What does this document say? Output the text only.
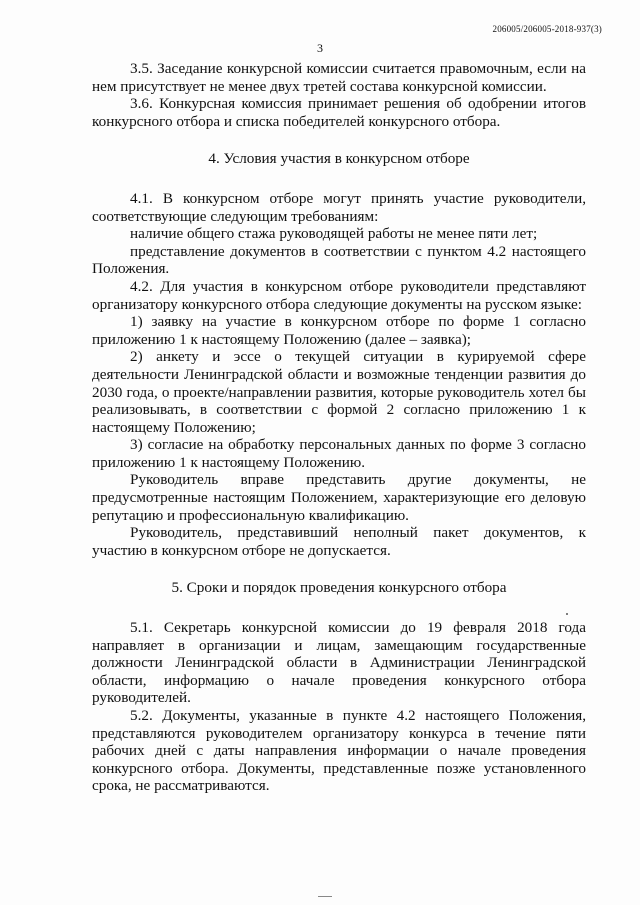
206005/206005-2018-937(3)
3

3.5. Заседание конкурсной комиссии считается правомочным, если на нем присутствует не менее двух третей состава конкурсной комиссии.

3.6. Конкурсная комиссия принимает решения об одобрении итогов конкурсного отбора и списка победителей конкурсного отбора.

4. Условия участия в конкурсном отборе

4.1. В конкурсном отборе могут принять участие руководители, соответствующие следующим требованиям:

наличие общего стажа руководящей работы не менее пяти лет;

представление документов в соответствии с пунктом 4.2 настоящего Положения.

4.2. Для участия в конкурсном отборе руководители представляют организатору конкурсного отбора следующие документы на русском языке:

1) заявку на участие в конкурсном отборе по форме 1 согласно приложению 1 к настоящему Положению (далее – заявка);

2) анкету и эссе о текущей ситуации в курируемой сфере деятельности Ленинградской области и возможные тенденции развития до 2030 года, о проекте/направлении развития, которые руководитель хотел бы реализовывать, в соответствии с формой 2 согласно приложению 1 к настоящему Положению;

3) согласие на обработку персональных данных по форме 3 согласно приложению 1 к настоящему Положению.

Руководитель вправе представить другие документы, не предусмотренные настоящим Положением, характеризующие его деловую репутацию и профессиональную квалификацию.

Руководитель, представивший неполный пакет документов, к участию в конкурсном отборе не допускается.

5. Сроки и порядок проведения конкурсного отбора

5.1. Секретарь конкурсной комиссии до 19 февраля 2018 года направляет в организации и лицам, замещающим государственные должности Ленинградской области в Администрации Ленинградской области, информацию о начале проведения конкурсного отбора руководителей.

5.2. Документы, указанные в пункте 4.2 настоящего Положения, представляются руководителем организатору конкурса в течение пяти рабочих дней с даты направления информации о начале проведения конкурсного отбора. Документы, представленные позже установленного срока, не рассматриваются.
